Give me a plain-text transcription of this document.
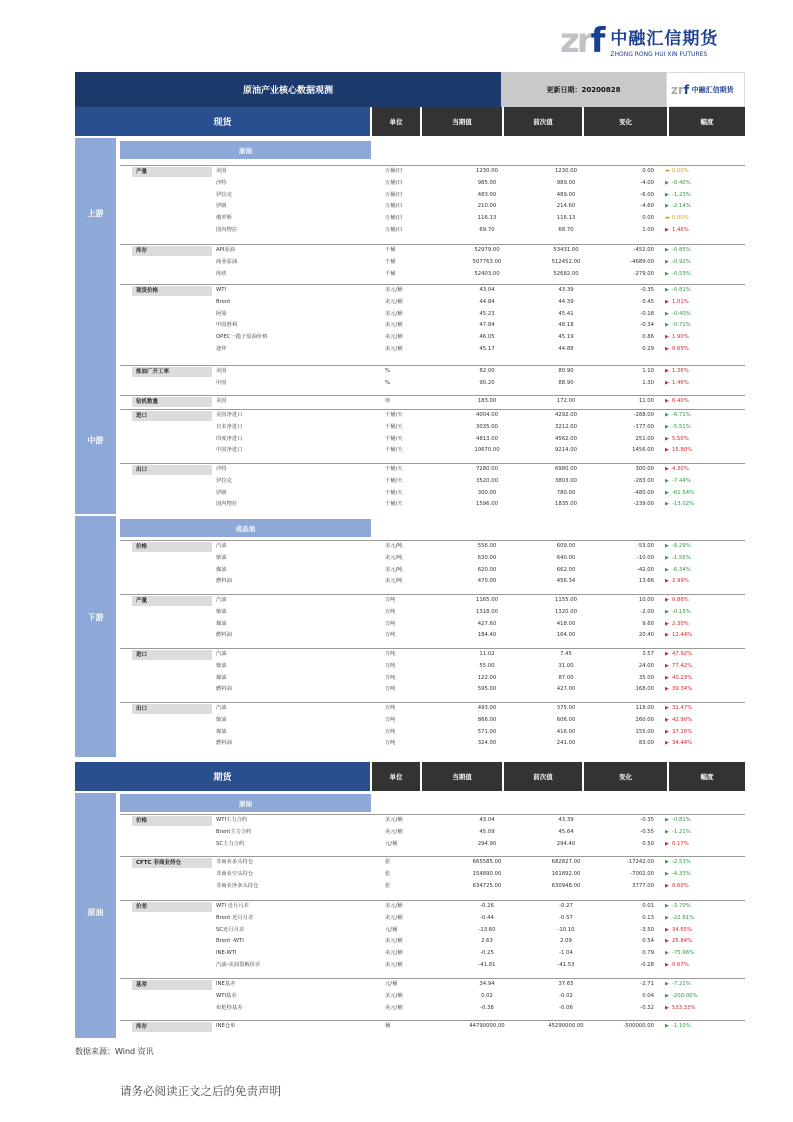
zrf 中融汇信期货
ZHONG RONG HUI XIN FUTURES
原油产业核心数据观测	更新日期：20200828	zr f
中融汇信期货
现货	单位	当期值	前次值	变化	幅度
上游
中游
下游
原油
成品油
期货	单位	当期值	前次值	变化	幅度
原油
原油
产量	美国	万桶/日	1230.00	1230.00	0.00 ▬ 0.00%
沙特	万桶/日	985.00	989.00	-4.00 ▶ -0.40%
伊拉克	万桶/日	483.00	489.00	-6.00 ▶ -1.23%
伊朗	万桶/日	210.00	214.60	-4.60 ▶ -2.14%
俄罗斯	万桶/日	116.13	116.13	0.00 ▬ 0.00%
国内物拉	万桶/日	69.70	68.70	1.00 ▶ 1.46%
库存	API原油	千桶	52979.00	53431.00	-452.00 ▶ -0.85%
商业原油	千桶	507763.00	512452.00	-4689.00 ▶ -0.92%
库欣	千桶	52403.00	52682.00	-279.00 ▶ -0.53%
现货价格	WTI	美元/桶	43.04	43.39	-0.35 ▶ -0.81%
Brent	美元/桶	44.84	44.39	0.45 ▶ 1.01%
阿曼	美元/桶	45.23	45.41	-0.18 ▶ -0.40%
中国胜利	美元/桶	47.84	48.18	-0.34 ▶ -0.71%
OPEC一揽子原油价格	美元/桶	46.05	45.19	0.86 ▶ 1.90%
迪拜	美元/桶	45.17	44.88	0.29 ▶ 0.65%
炼油厂开工率	美国	%	82.00	80.90	1.10 ▶ 1.36%
中国	%	90.20	88.90	1.30 ▶ 1.46%
钻机数量	美国	座	183.00	172.00	11.00 ▶ 6.40%
进口	美国净进口	千桶/天	4004.00	4292.00	-288.00 ▶ -6.71%
日本净进口	千桶/天	3035.00	3212.00	-177.00 ▶ -5.51%
印度净进口	千桶/天	4813.00	4562.00	251.00 ▶ 5.50%
中国净进口	千桶/天	10670.00	9214.00	1456.00 ▶ 15.80%
出口	沙特	千桶/天	7280.00	6980.00	300.00 ▶ 4.30%
伊拉克	千桶/天	3520.00	3803.00	-283.00 ▶ -7.44%
伊朗	千桶/天	300.00	780.00	-480.00 ▶ -61.54%
国内物拉	千桶/天	1596.00	1835.00	-239.00 ▶ -13.02%
价格	汽油	美元/吨	556.00	609.00	-53.00 ▶ -8.29%
柴油	美元/吨	630.00	640.00	-10.00 ▶ -1.56%
煤油	美元/吨	620.00	662.00	-42.00 ▶ -6.34%
燃料油	美元/吨	470.00	456.34	13.66 ▶ 2.99%
产量	汽油	万吨	1165.00	1155.00	10.00 ▶ 0.86%
柴油	万吨	1318.00	1320.00	-2.00 ▶ -0.15%
煤油	万吨	427.60	418.00	9.60 ▶ 2.30%
燃料油	万吨	184.40	164.00	20.40 ▶ 12.44%
进口	汽油	万吨	11.02	7.45	3.57 ▶ 47.92%
柴油	万吨	55.00	31.00	24.00 ▶ 77.42%
煤油	万吨	122.00	87.00	35.00 ▶ 40.23%
燃料油	万吨	595.00	427.00	168.00 ▶ 39.34%
出口	汽油	万吨	493.00	375.00	118.00 ▶ 31.47%
柴油	万吨	866.00	606.00	260.00 ▶ 42.90%
煤油	万吨	571.00	416.00	155.00 ▶ 37.26%
燃料油	万吨	324.00	241.00	83.00 ▶ 34.44%
价格	WTI主力合约	美元/桶	43.04	43.39	-0.35 ▶ -0.81%
Brent主力合约	美元/桶	45.09	45.64	-0.55 ▶ -1.21%
SC主力合约	元/桶	294.90	294.40	0.50 ▶ 0.17%
CFTC 非商业持仓	非商业多头持仓	张	665585.00	682827.00	-17242.00 ▶ -2.53%
非商业空头持仓	张	154890.00	161892.00	-7002.00 ▶ -4.33%
非商业净多头持仓	张	634725.00	630948.00	3777.00 ▶ 0.60%
价差	WTI 近月月差	美元/桶	-0.26	-0.27	0.01 ▶ -3.70%
Brent 近月月差	美元/桶	-0.44	-0.57	0.13 ▶ -22.81%
SC近月月差	元/桶	-13.60	-10.10	-3.50 ▶ 34.65%
Brent -WTI	美元/桶	2.63	2.09	0.54 ▶ 25.84%
INE-WTI	美元/桶	-0.25	-1.04	0.79 ▶ -75.96%
汽油-美油裂解价差	美元/桶	-41.81	-41.53	-0.28 ▶ 0.67%
基差	INE基差	元/桶	34.94	37.65	-2.71 ▶ -7.21%
WTI基差	美元/桶	0.02	-0.02	0.04 ▶ -200.00%
布伦特基差	美元/桶	-0.38	-0.06	-0.32 ▶ 533.33%
库存	INE仓单	桶	44790000.00	45290000.00	-500000.00 ▶ -1.10%
数据来源：Wind 资讯
请务必阅读正文之后的免责声明
